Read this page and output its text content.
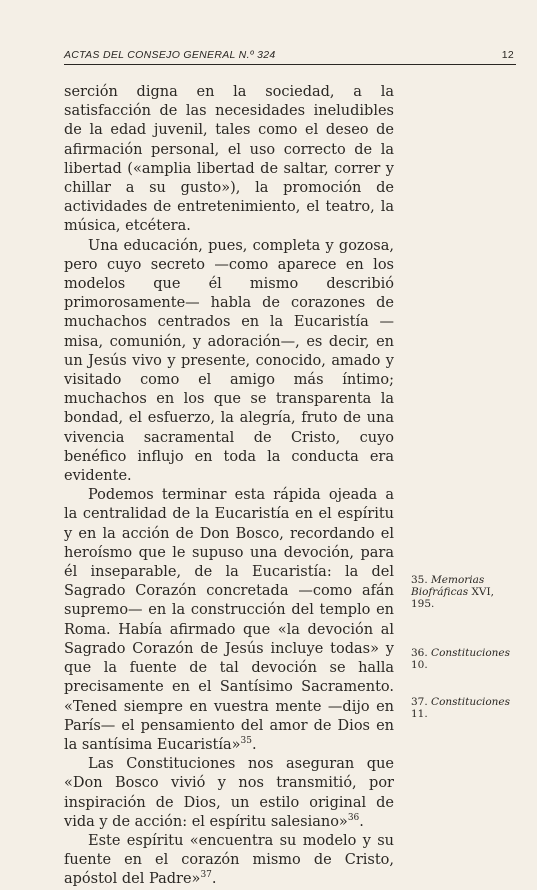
ACTAS DEL CONSEJO GENERAL N.º 324	12

serción digna en la sociedad, a la satisfacción de las necesidades ineludibles de la edad juvenil, tales como el deseo de afirmación personal, el uso correcto de la libertad («amplia libertad de saltar, correr y chillar a su gusto»), la promoción de actividades de entretenimiento, el teatro, la música, etcétera.

Una educación, pues, completa y gozosa, pero cuyo secreto —como aparece en los modelos que él mismo describió primorosamente— habla de corazones de muchachos centrados en la Eucaristía —misa, comunión, y adoración—, es decir, en un Jesús vivo y presente, conocido, amado y visitado como el amigo más íntimo; muchachos en los que se transparenta la bondad, el esfuerzo, la alegría, fruto de una vivencia sacramental de Cristo, cuyo benéfico influjo en toda la conducta era evidente.

Podemos terminar esta rápida ojeada a la centralidad de la Eucaristía en el espíritu y en la acción de Don Bosco, recordando el heroísmo que le supuso una devoción, para él inseparable, de la Eucaristía: la del Sagrado Corazón concretada —como afán supremo— en la construcción del templo en Roma. Había afirmado que «la devoción al Sagrado Corazón de Jesús incluye todas» y que la fuente de tal devoción se halla precisamente en el Santísimo Sacramento. «Tened siempre en vuestra mente —dijo en París— el pensamiento del amor de Dios en la santísima Eucaristía»$^{35}$.

Las Constituciones nos aseguran que «Don Bosco vivió y nos transmitió, por inspiración de Dios, un estilo original de vida y de acción: el espíritu salesiano»$^{36}$.

Este espíritu «encuentra su modelo y su fuente en el corazón mismo de Cristo, apóstol del Padre»$^{37}$.

35. Memorias Biofráficas XVI, 195.
36. Constituciones 10.
37. Constituciones 11.
